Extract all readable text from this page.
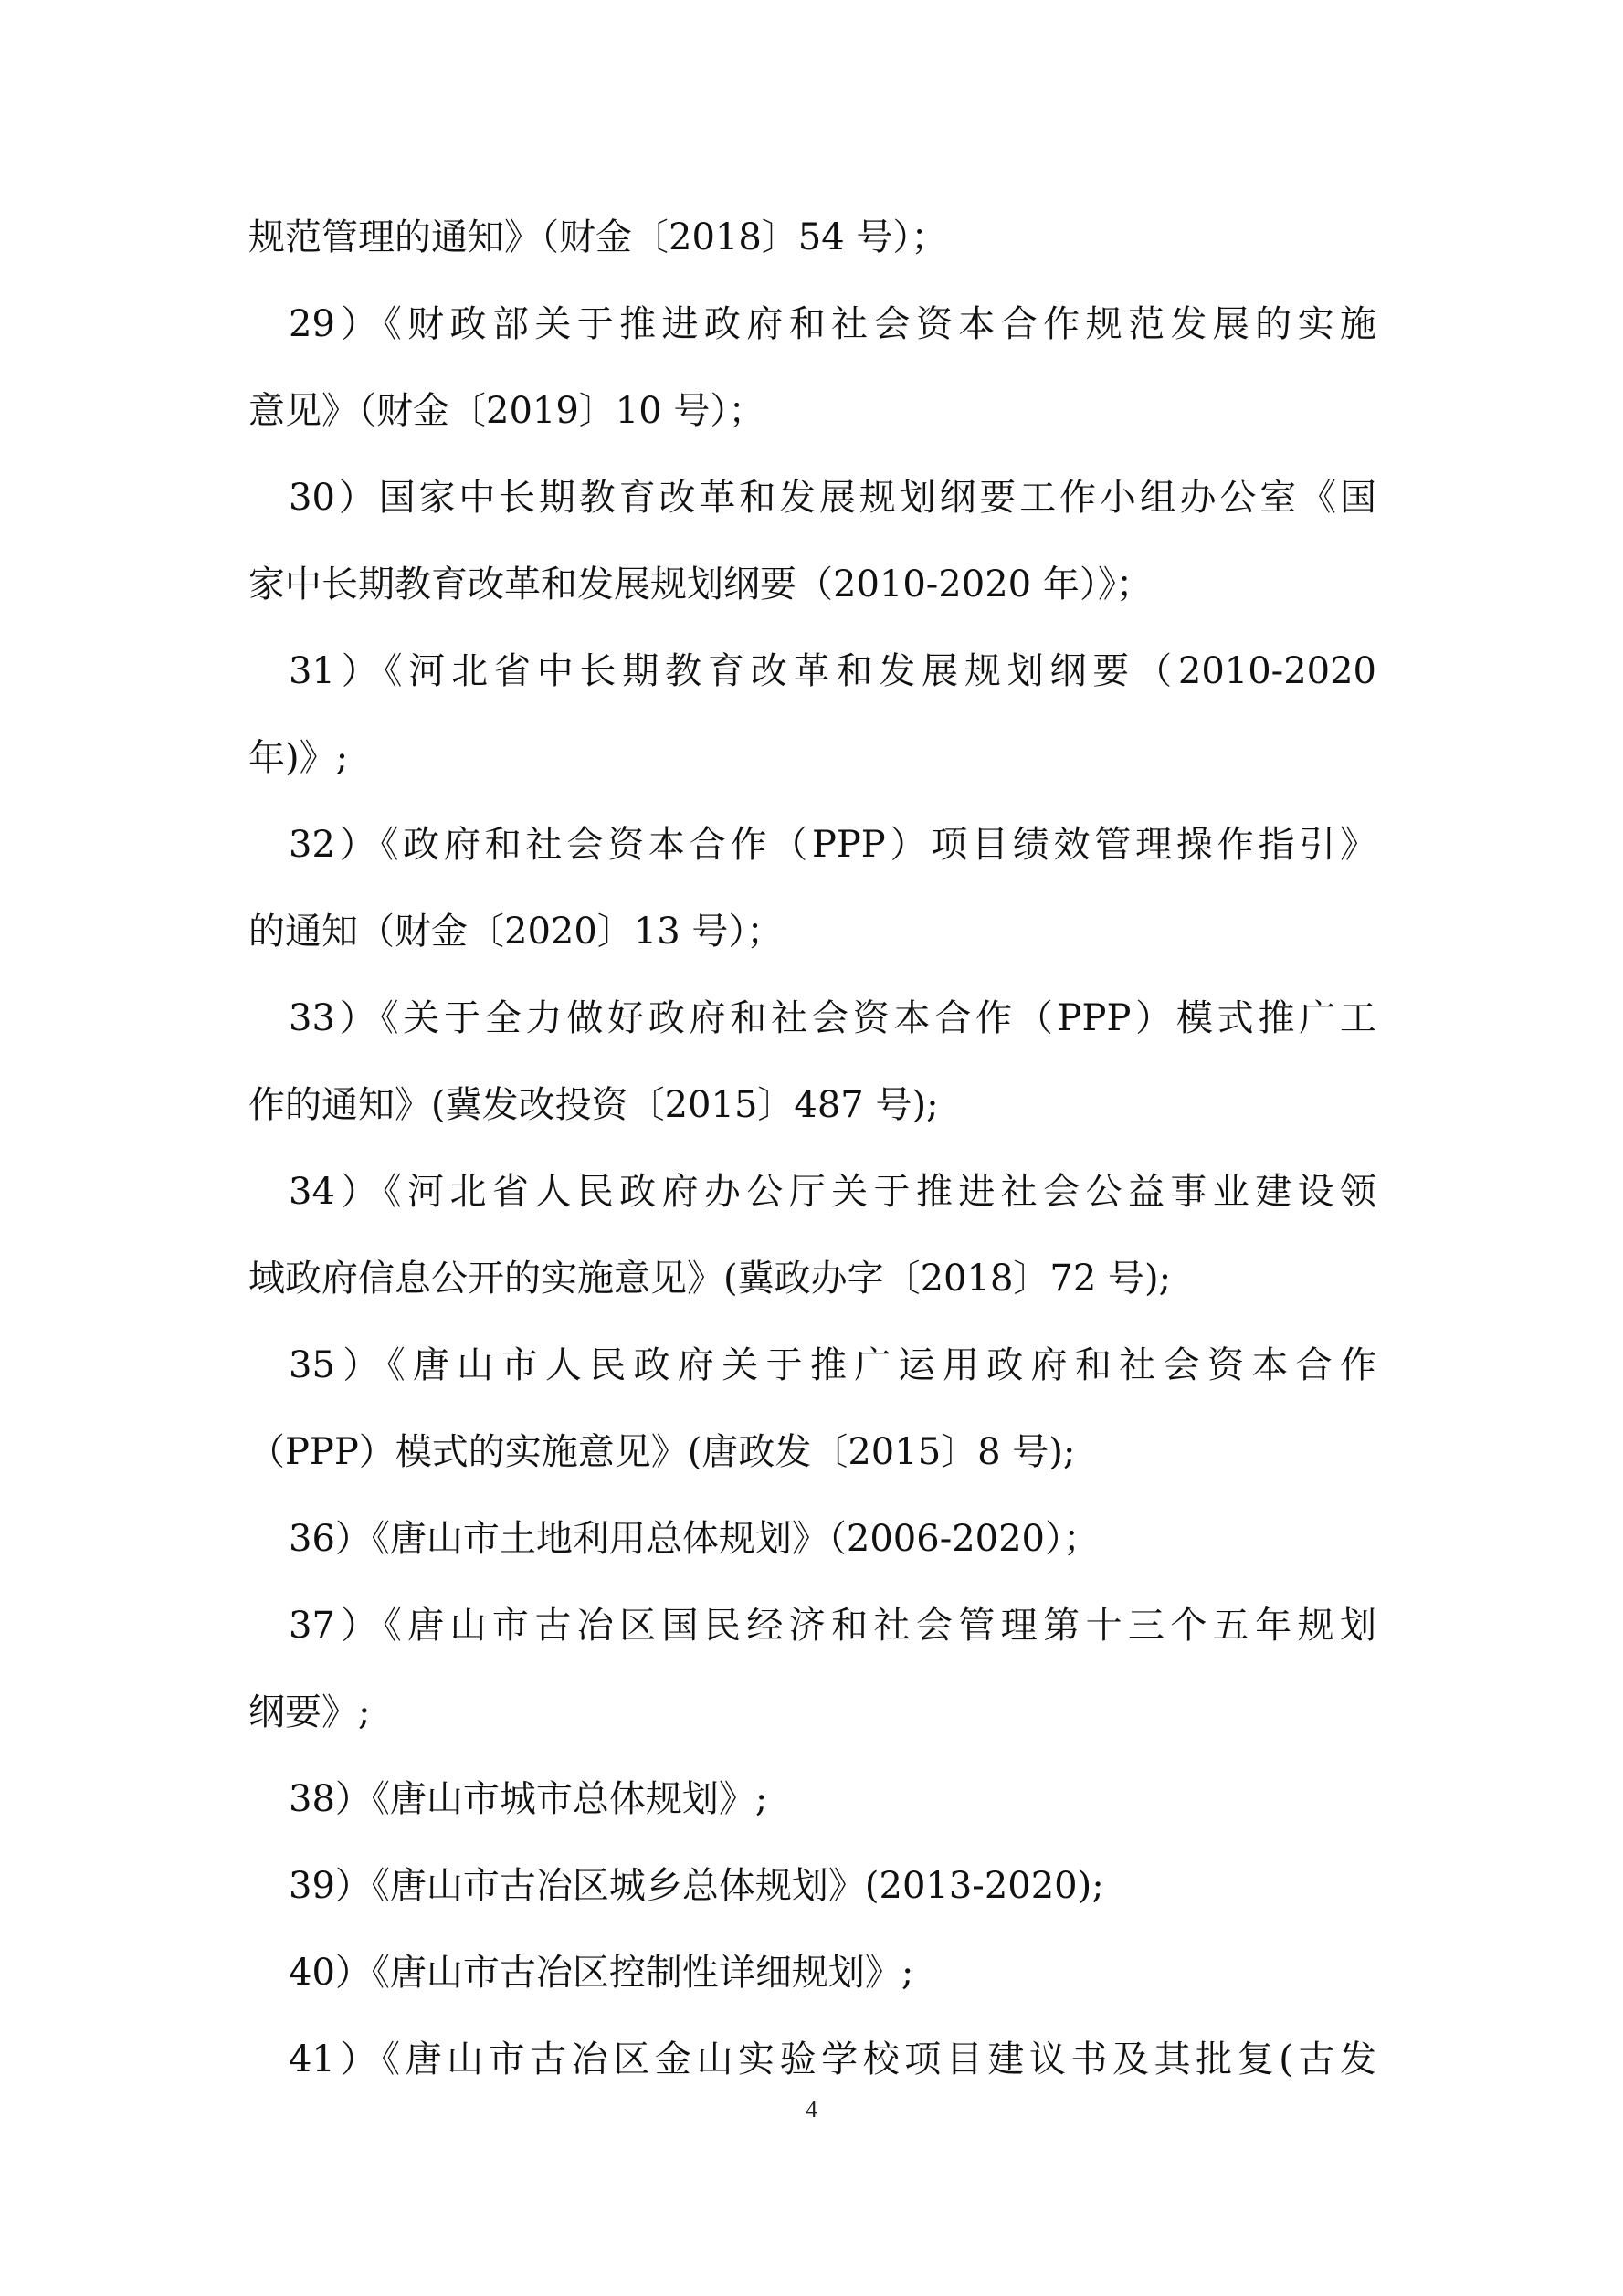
规范管理的通知》（财金〔2018〕54 号）；
29）《财政部关于推进政府和社会资本合作规范发展的实施
意见》（财金〔2019〕10 号）；
30）国家中长期教育改革和发展规划纲要工作小组办公室《国
家中长期教育改革和发展规划纲要（2010-2020 年）》；
31）《河北省中长期教育改革和发展规划纲要（2010-2020
年)》;
32）《政府和社会资本合作（PPP）项目绩效管理操作指引》
的通知（财金〔2020〕13 号）；
33）《关于全力做好政府和社会资本合作（PPP）模式推广工
作的通知》(冀发改投资〔2015〕487 号);
34）《河北省人民政府办公厅关于推进社会公益事业建设领
域政府信息公开的实施意见》(冀政办字〔2018〕72 号);
35）《唐山市人民政府关于推广运用政府和社会资本合作
（PPP）模式的实施意见》(唐政发〔2015〕8 号);
36）《唐山市土地利用总体规划》（2006-2020）；
37）《唐山市古冶区国民经济和社会管理第十三个五年规划
纲要》;
38）《唐山市城市总体规划》;
39）《唐山市古冶区城乡总体规划》(2013-2020);
40）《唐山市古冶区控制性详细规划》;
41）《唐山市古冶区金山实验学校项目建议书及其批复(古发
4
